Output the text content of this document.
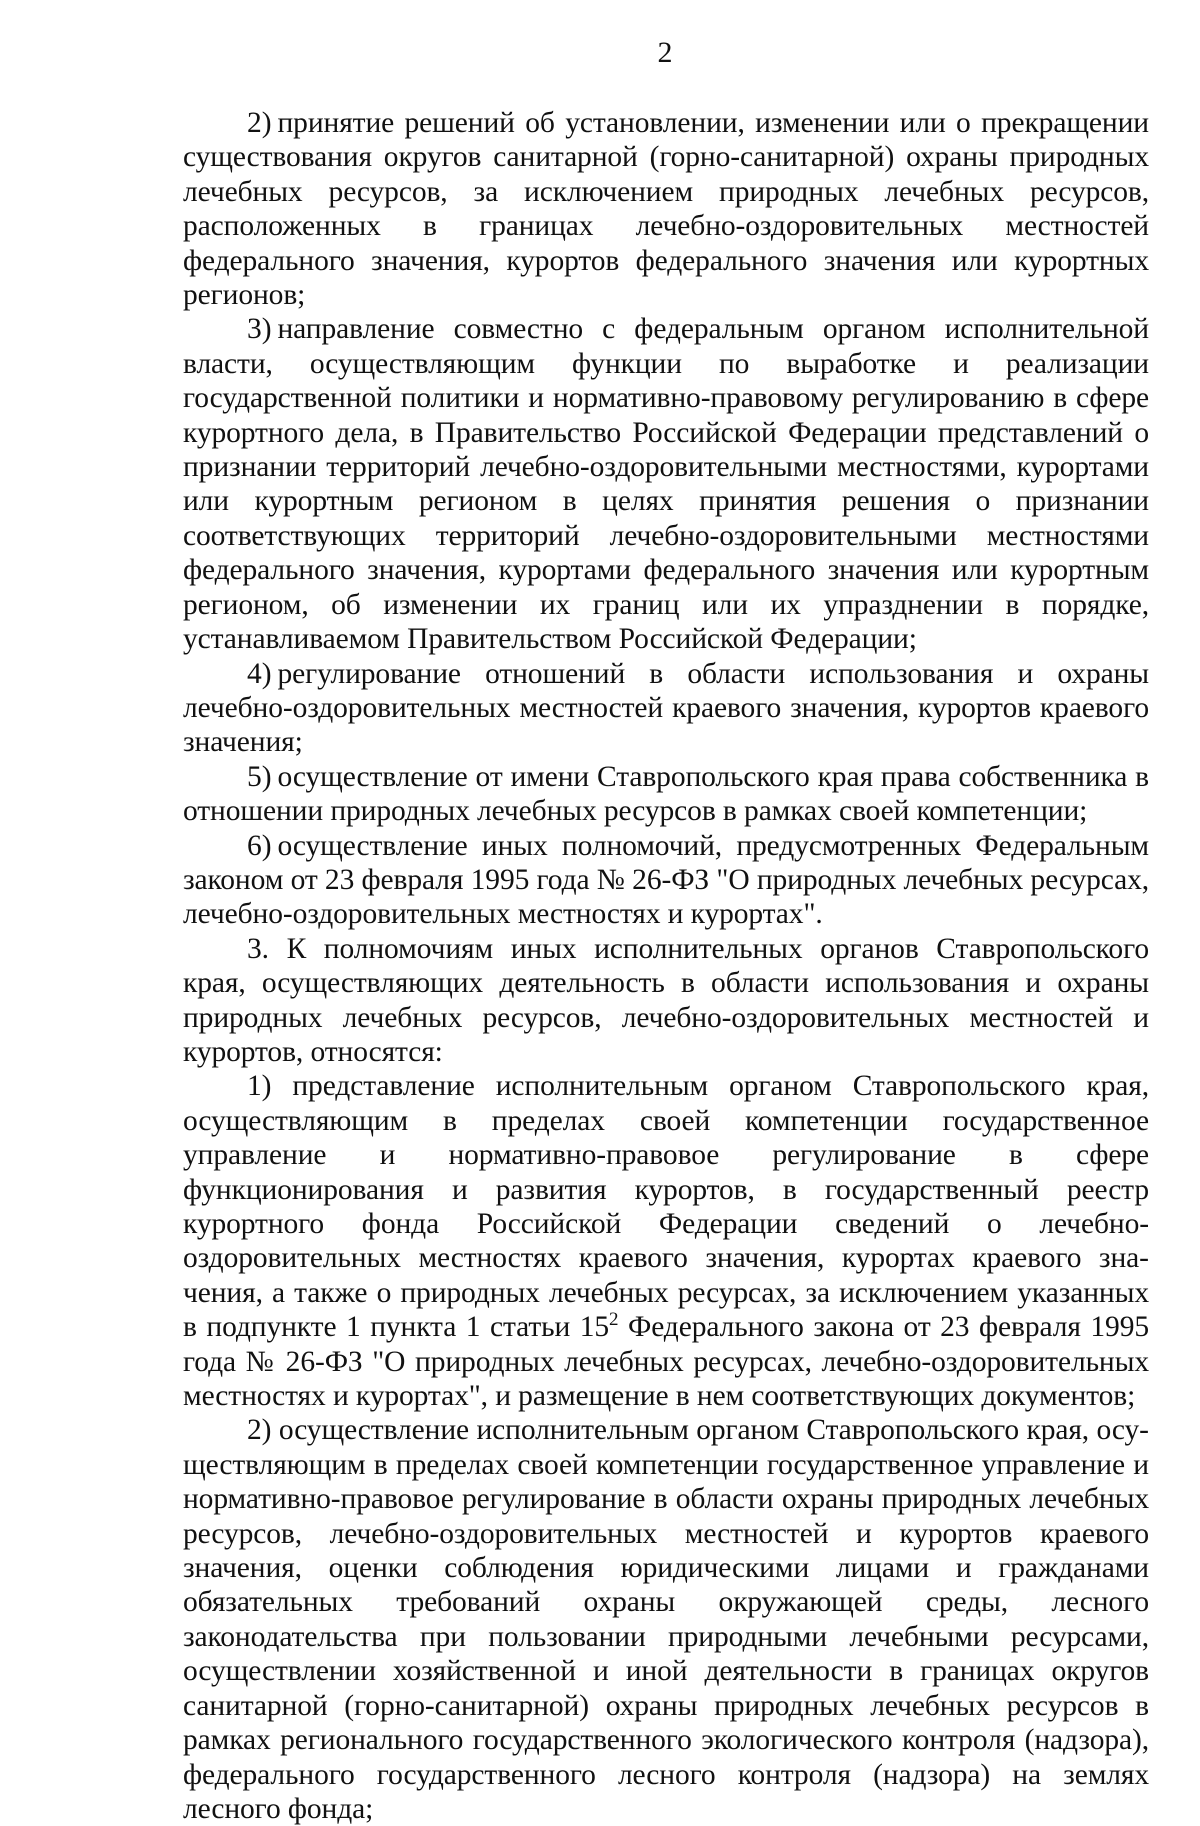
2

2) принятие решений об установлении, изменении или о прекращении существования округов санитарной (горно-санитарной) охраны природных лечебных ресурсов, за исключением природных лечебных ресурсов, расположенных в границах лечебно-оздоровительных местностей федерального значения, курортов федерального значения или курортных регионов;

3) направление совместно с федеральным органом исполнительной власти, осуществляющим функции по выработке и реализации государственной политики и нормативно-правовому регулированию в сфере курортного дела, в Правительство Российской Федерации представлений о признании территорий лечебно-оздоровительными местностями, курортами или курортным регионом в целях принятия решения о признании соответствующих территорий лечебно-оздоровительными местностями федерального значения, курортами федерального значения или курортным регионом, об изменении их границ или их упразднении в порядке, устанавливаемом Правительством Российской Федерации;

4) регулирование отношений в области использования и охраны лечебно-оздоровительных местностей краевого значения, курортов краевого значения;

5) осуществление от имени Ставропольского края права собственника в отношении природных лечебных ресурсов в рамках своей компетенции;

6) осуществление иных полномочий, предусмотренных Федеральным законом от 23 февраля 1995 года № 26-ФЗ "О природных лечебных ресурсах, лечебно-оздоровительных местностях и курортах".

3. К полномочиям иных исполнительных органов Ставропольского края, осуществляющих деятельность в области использования и охраны природных лечебных ресурсов, лечебно-оздоровительных местностей и курортов, относятся:

1) представление исполнительным органом Ставропольского края, осуществляющим в пределах своей компетенции государственное управление и нормативно-правовое регулирование в сфере функционирования и развития курортов, в государственный реестр курортного фонда Российской Федерации сведений о лечебно-оздоровительных местностях краевого значения, курортах краевого значения, а также о природных лечебных ресурсах, за исключением указанных в подпункте 1 пункта 1 статьи $15^2$ Федерального закона от 23 февраля 1995 года № 26-ФЗ "О природных лечебных ресурсах, лечебно-оздоровительных местностях и курортах", и размещение в нем соответствующих документов;

2) осуществление исполнительным органом Ставропольского края, осуществляющим в пределах своей компетенции государственное управление и нормативно-правовое регулирование в области охраны природных лечебных ресурсов, лечебно-оздоровительных местностей и курортов краевого значения, оценки соблюдения юридическими лицами и гражданами обязательных требований охраны окружающей среды, лесного законодательства при пользовании природными лечебными ресурсами, осуществлении хозяйственной и иной деятельности в границах округов санитарной (горно-санитарной) охраны природных лечебных ресурсов в рамках регионального государственного экологического контроля (надзора), федерального государственного лесного контроля (надзора) на землях лесного фонда;
